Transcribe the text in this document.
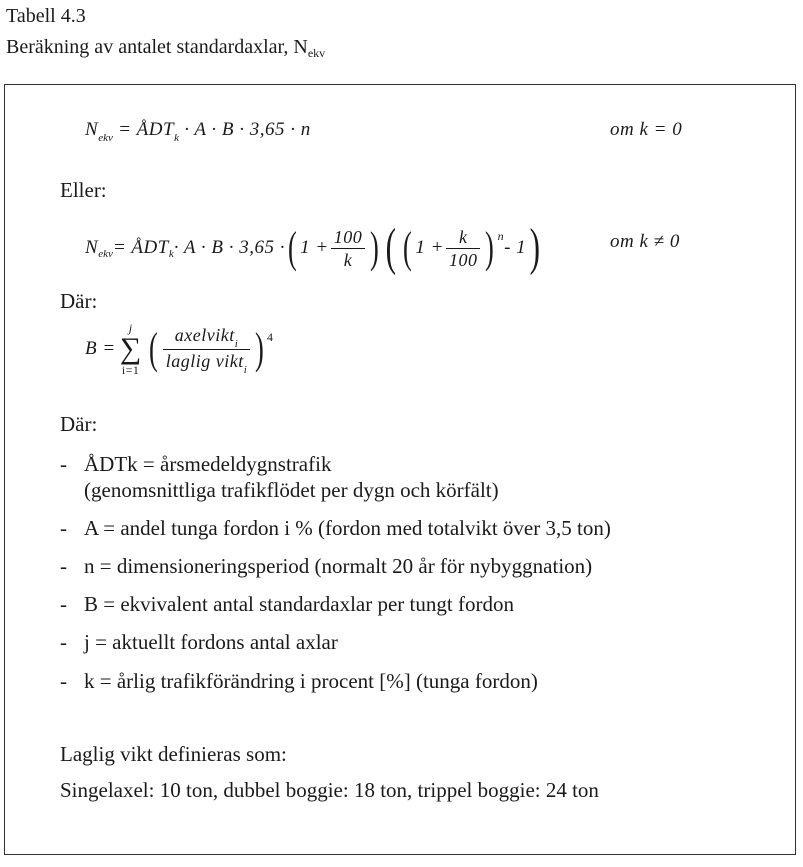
Tabell 4.3
Beräkning av antalet standardaxlar, $N_{ekv}$
$N_{ekv}$ = $ÅDT_k \cdot A \cdot B \cdot 3,65 \cdot n$	om k = 0
Eller:
N ekv = ÅDT k · A · B · 3,65 · ( $1 + \frac{100}{k}$ ) ( ( $1 + \frac{k}{100}$ ) n
- 1 )	om k ≠ 0
Där:
B =
j
∑
i=1 ( $\frac{axelvikt_i}{laglig vikt_i}$ ) 4
Där:
- ÅDTk = årsmedeldygnstrafik
(genomsnittliga trafikflödet per dygn och körfält)
- A = andel tunga fordon i % (fordon med totalvikt över 3,5 ton)
- n = dimensioneringsperiod (normalt 20 år för nybyggnation)
- B = ekvivalent antal standardaxlar per tungt fordon
- j = aktuellt fordons antal axlar
- k = årlig trafikförändring i procent [%] (tunga fordon)
Laglig vikt definieras som:
Singelaxel: 10 ton, dubbel boggie: 18 ton, trippel boggie: 24 ton
